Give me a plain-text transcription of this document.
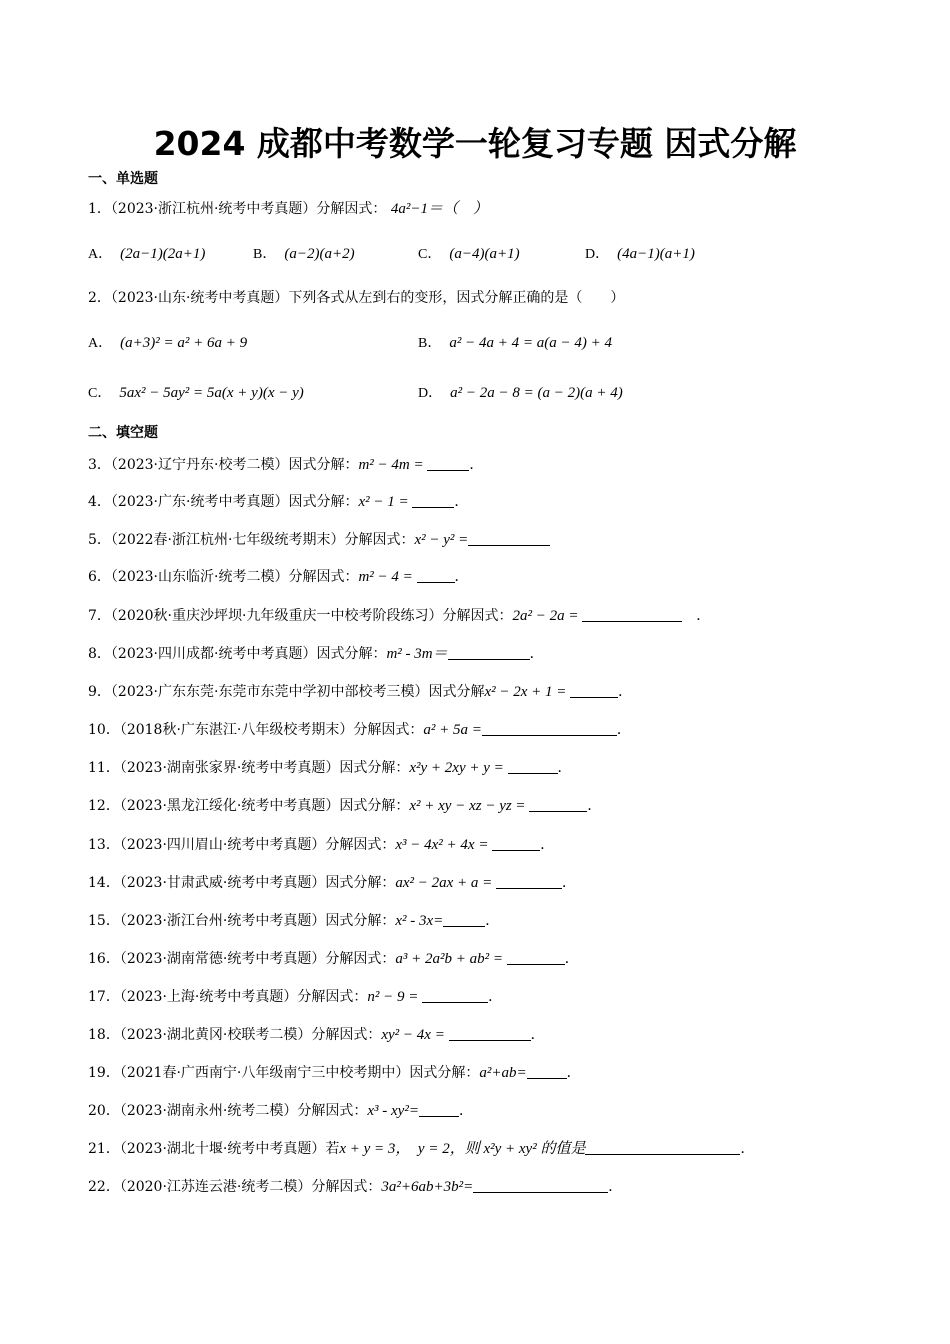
2024 成都中考数学一轮复习专题 因式分解
一、单选题
1．（2023·浙江杭州·统考中考真题）分解因式： 4a²−1＝（　）
A． (2a−1)(2a+1)	B． (a−2)(a+2)	C． (a−4)(a+1)	D． (4a−1)(a+1)
2．（2023·山东·统考中考真题）下列各式从左到右的变形，因式分解正确的是（　　）
A． (a+3)² = a² + 6a + 9	B． a² − 4a + 4 = a(a − 4) + 4
C． 5ax² − 5ay² = 5a(x + y)(x − y)	D． a² − 2a − 8 = (a − 2)(a + 4)
二、填空题
3．（2023·辽宁丹东·校考二模）因式分解：m² − 4m =	．
4．（2023·广东·统考中考真题）因式分解：x² − 1 =	．
5．（2022春·浙江杭州·七年级统考期末）分解因式：x² − y² =
6．（2023·山东临沂·统考二模）分解因式：m² − 4 =	．
7．（2020秋·重庆沙坪坝·九年级重庆一中校考阶段练习）分解因式：2a² − 2a =	　．
8．（2023·四川成都·统考中考真题）因式分解：m² - 3m＝	．
9．（2023·广东东莞·东莞市东莞中学初中部校考三模）因式分解x² − 2x + 1 =	．
10．（2018秋·广东湛江·八年级校考期末）分解因式：a² + 5a =	．
11．（2023·湖南张家界·统考中考真题）因式分解：x²y + 2xy + y =	．
12．（2023·黑龙江绥化·统考中考真题）因式分解：x² + xy − xz − yz =	．
13．（2023·四川眉山·统考中考真题）分解因式：x³ − 4x² + 4x =	．
14．（2023·甘肃武威·统考中考真题）因式分解：ax² − 2ax + a =	．
15．（2023·浙江台州·统考中考真题）因式分解：x² - 3x=	．
16．（2023·湖南常德·统考中考真题）分解因式：a³ + 2a²b + ab² =	．
17．（2023·上海·统考中考真题）分解因式：n² − 9 =	．
18．（2023·湖北黄冈·校联考二模）分解因式：xy² − 4x =	．
19．（2021春·广西南宁·八年级南宁三中校考期中）因式分解：a²+ab=	．
20．（2023·湖南永州·统考二模）分解因式：x³ - xy²=	．
21．（2023·湖北十堰·统考中考真题）若x + y = 3，　y = 2，则 x²y + xy² 的值是	．
22．（2020·江苏连云港·统考二模）分解因式：3a²+6ab+3b²=	．
